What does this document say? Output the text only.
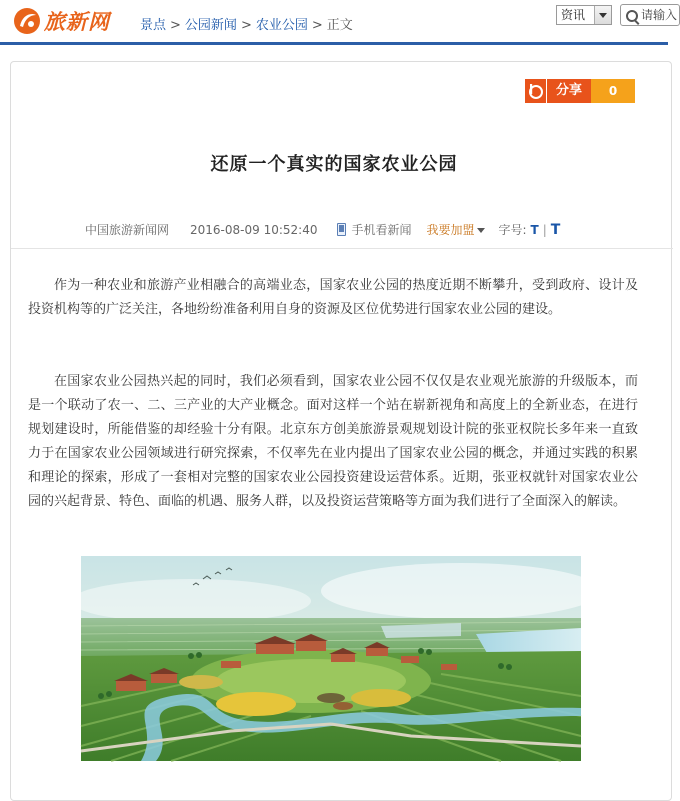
旅新网 景点 > 公园新闻 > 农业公园 > 正文
资讯	请输入
分享	0
还原一个真实的国家农业公园
中国旅游新闻网 2016-08-09 10:52:40	手机看新闻 我要加盟 字号: T | T

作为一种农业和旅游产业相融合的高端业态，国家农业公园的热度近期不断攀升，受到政府、设计及投资机构等的广泛关注，各地纷纷准备利用自身的资源及区位优势进行国家农业公园的建设。

在国家农业公园热兴起的同时，我们必须看到，国家农业公园不仅仅是农业观光旅游的升级版本，而是一个联动了农一、二、三产业的大产业概念。面对这样一个站在崭新视角和高度上的全新业态，在进行规划建设时，所能借鉴的却经验十分有限。北京东方创美旅游景观规划设计院的张亚权院长多年来一直致力于在国家农业公园领域进行研究探索，不仅率先在业内提出了国家农业公园的概念，并通过实践的积累和理论的探索，形成了一套相对完整的国家农业公园投资建设运营体系。近期，张亚权就针对国家农业公园的兴起背景、特色、面临的机遇、服务人群，以及投资运营策略等方面为我们进行了全面深入的解读。
